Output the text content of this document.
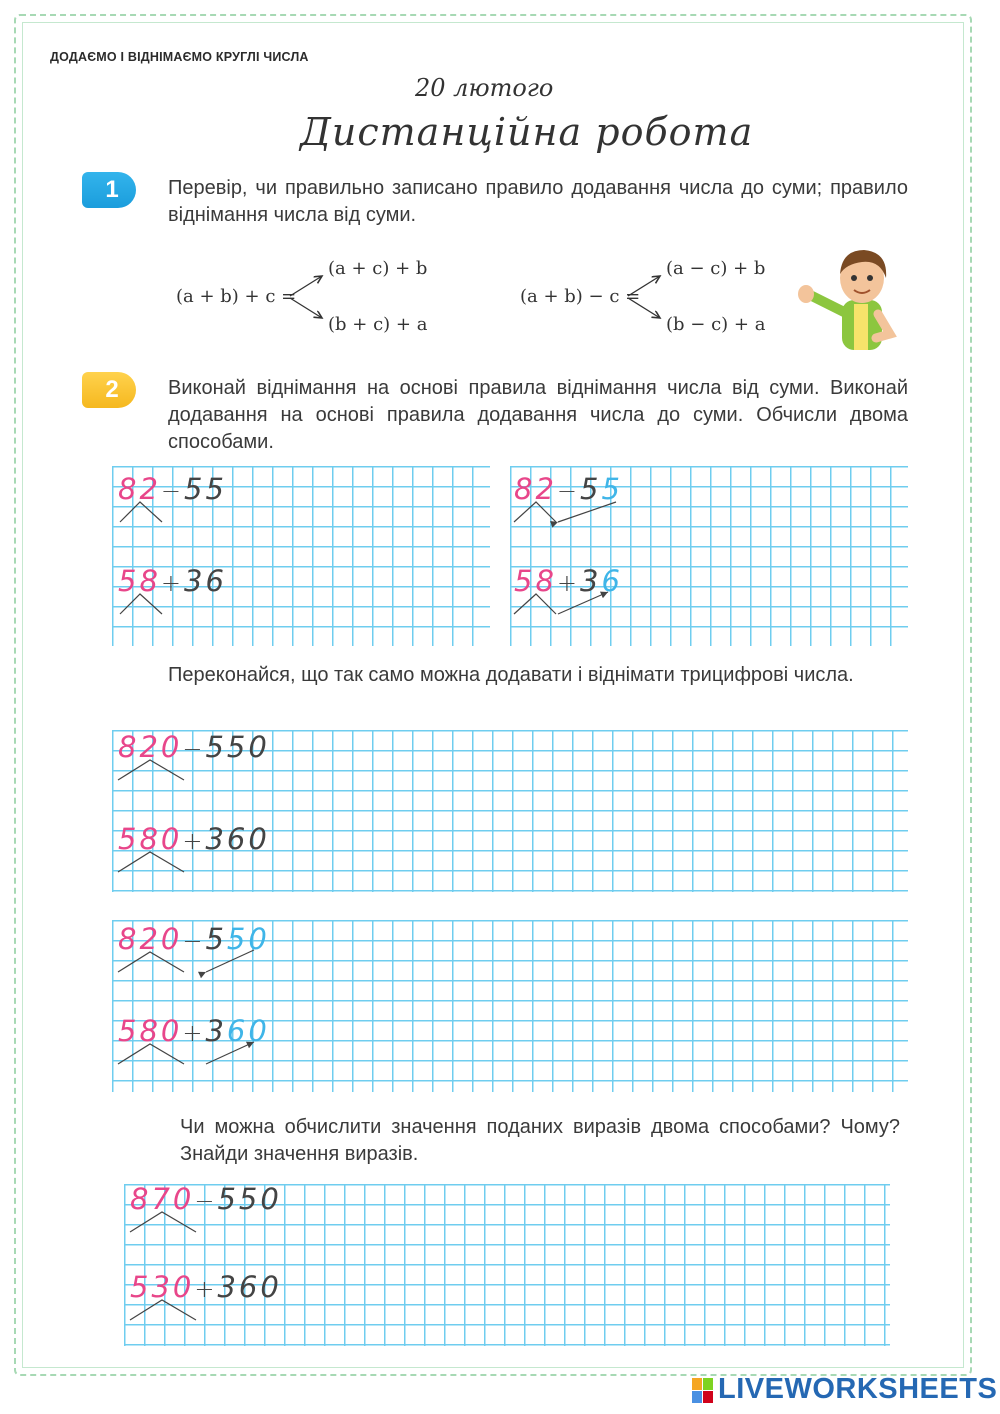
ДОДАЄМО І ВІДНІМАЄМО КРУГЛІ ЧИСЛА
20 лютого
Дистанційна робота
1	Перевір, чи правильно записано правило додавання числа до суми; правило віднімання числа від суми.
(a + b) + c =
(a + c) + b
(b + c) + a
(a + b) − c =
(a − c) + b
(b − c) + a
2	Виконай віднімання на основі правила віднімання числа від суми. Виконай додавання на основі правила додавання числа до суми. Обчисли двома способами.
82−55
58+36
82−55
58+36
Переконайся, що так само можна додавати і віднімати трицифрові числа.
820−550
580+360
820−550
580+360
Чи можна обчислити значення поданих виразів двома способами? Чому? Знайди значення виразів.
870−550
530+360
LIVEWORKSHEETS
